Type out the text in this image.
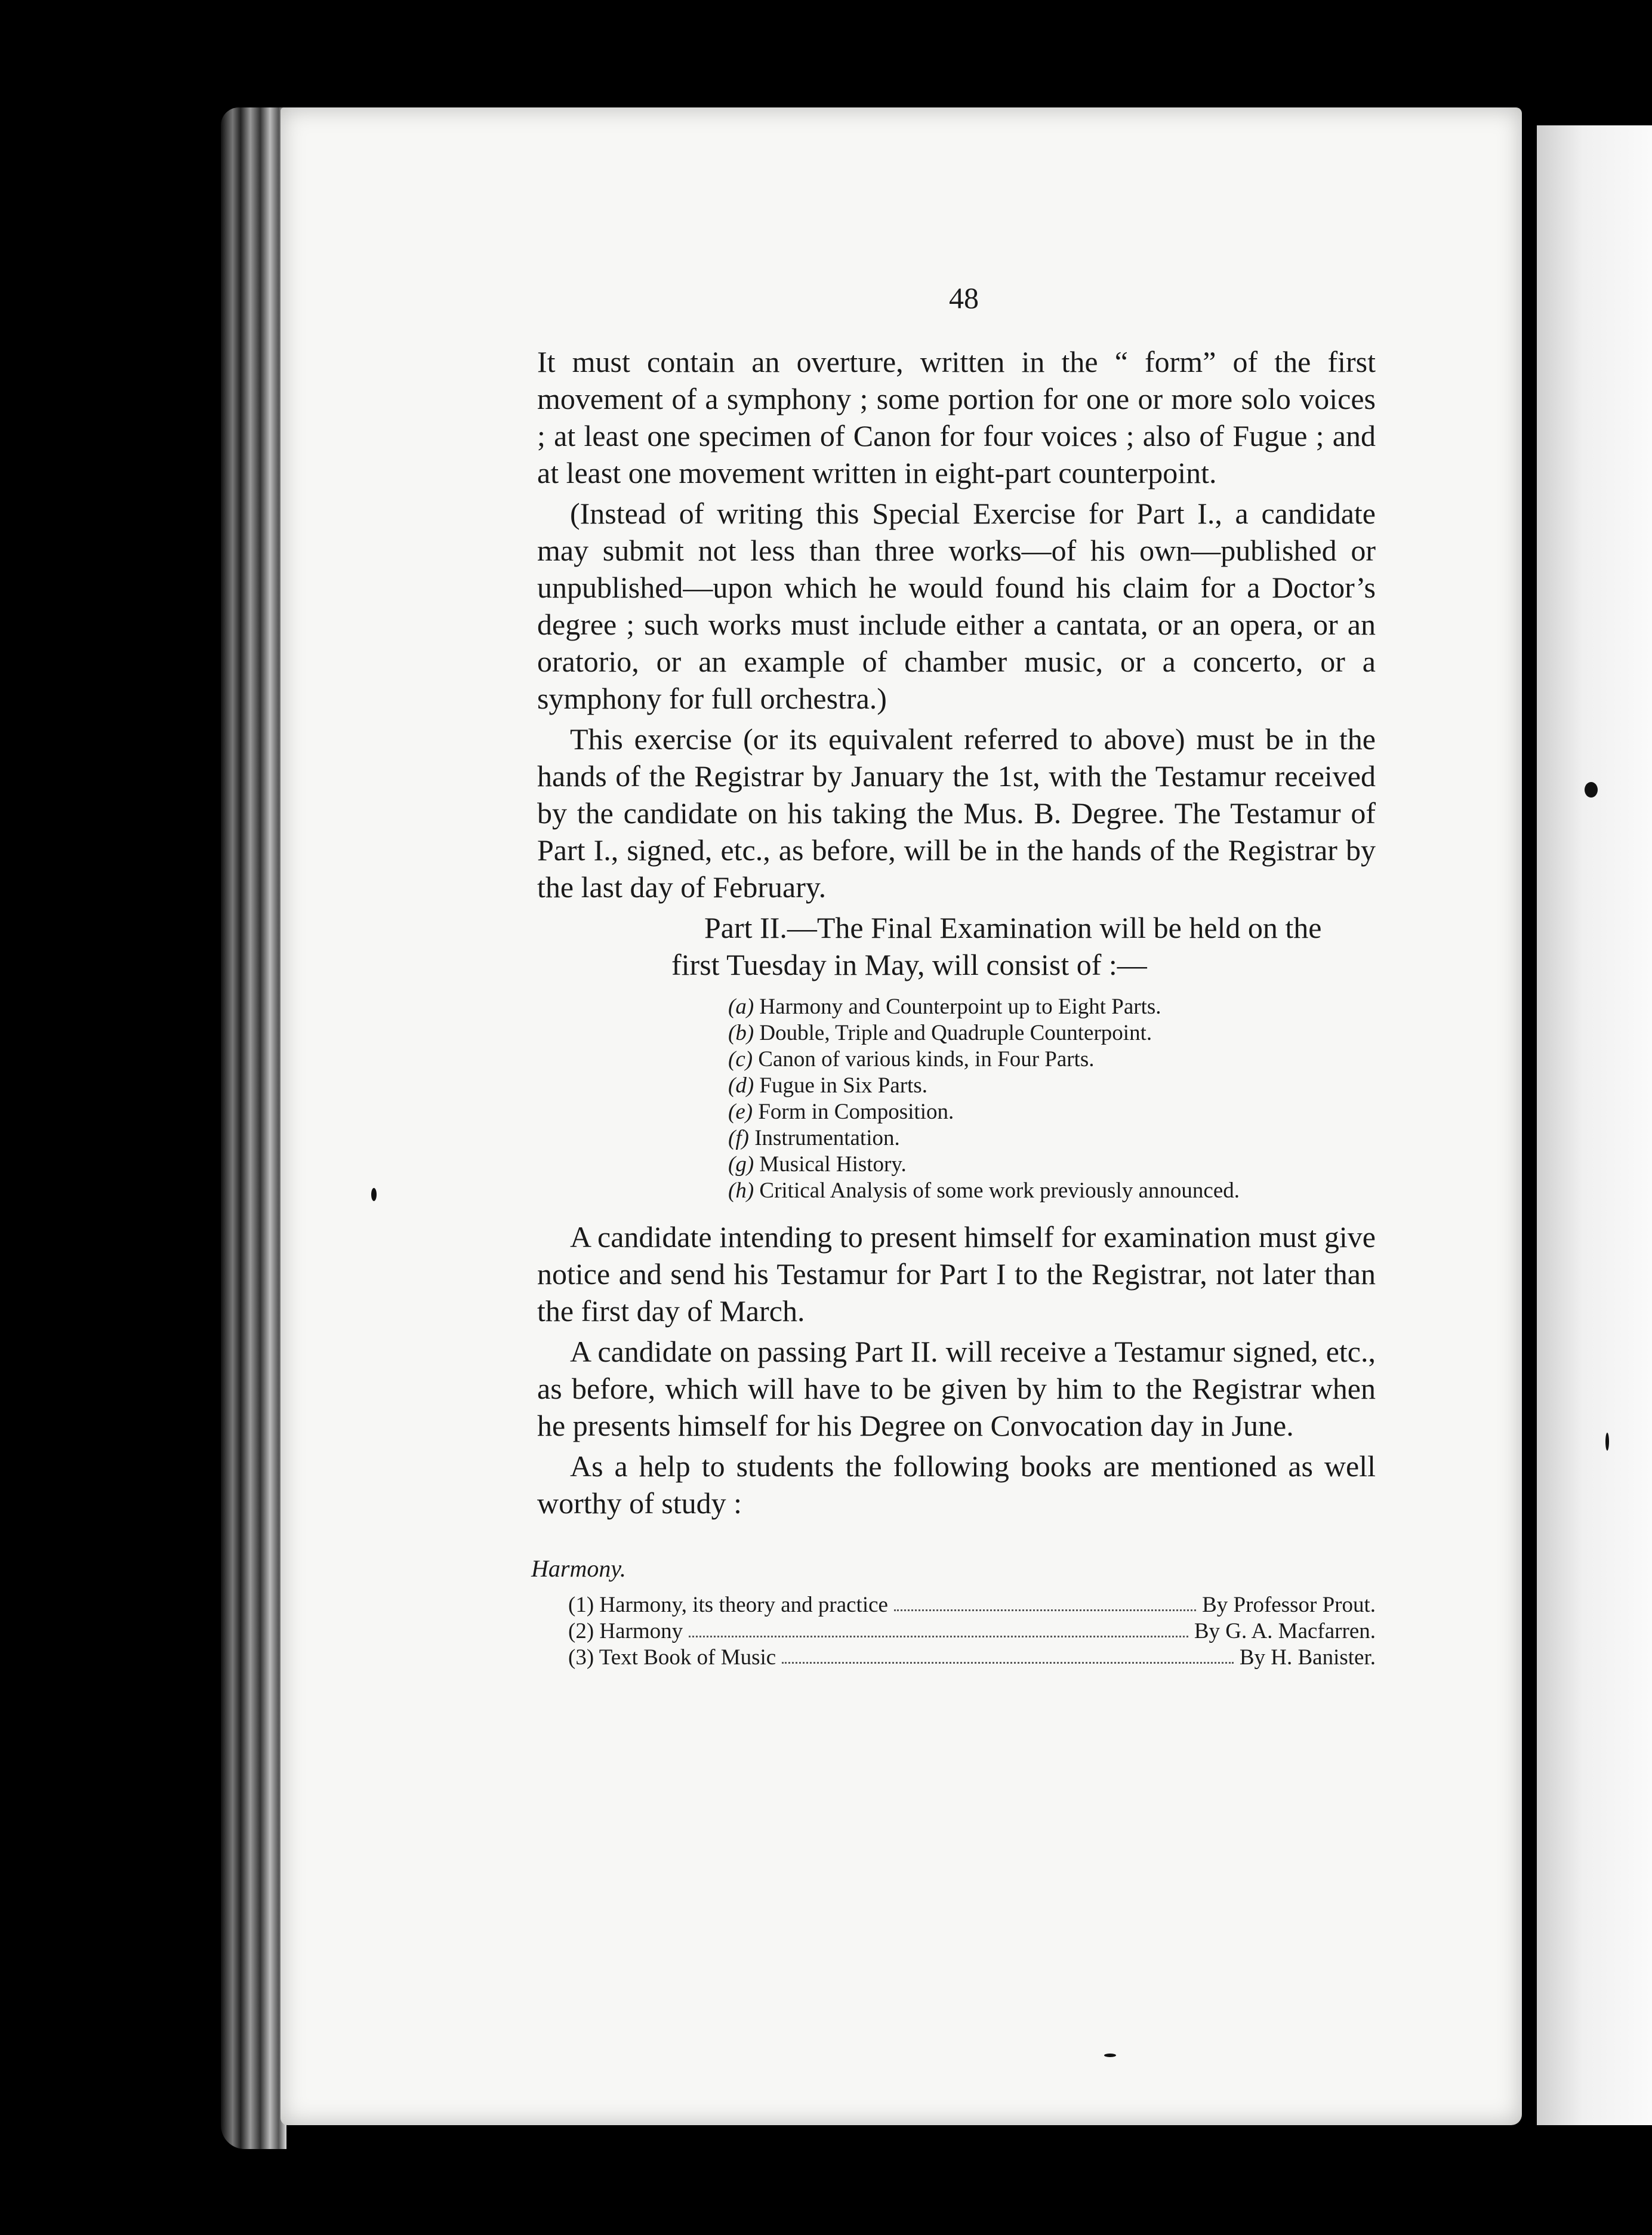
48

It must contain an overture, written in the “ form” of the first movement of a symphony ; some portion for one or more solo voices ; at least one specimen of Canon for four voices ; also of Fugue ; and at least one movement written in eight-part counterpoint.

(Instead of writing this Special Exercise for Part I., a candidate may submit not less than three works—of his own—published or unpublished—upon which he would found his claim for a Doctor’s degree ; such works must include either a cantata, or an opera, or an oratorio, or an example of chamber music, or a concerto, or a symphony for full orchestra.)

This exercise (or its equivalent referred to above) must be in the hands of the Registrar by January the 1st, with the Testamur received by the candidate on his taking the Mus. B. Degree. The Testamur of Part I., signed, etc., as before, will be in the hands of the Registrar by the last day of February.

Part II.—The Final Examination will be held on the first Tuesday in May, will consist of :—

(a) Harmony and Counterpoint up to Eight Parts.
(b) Double, Triple and Quadruple Counterpoint.
(c) Canon of various kinds, in Four Parts.
(d) Fugue in Six Parts.
(e) Form in Composition.
(f) Instrumentation.
(g) Musical History.
(h) Critical Analysis of some work previously announced.

A candidate intending to present himself for examination must give notice and send his Testamur for Part I to the Registrar, not later than the first day of March.

A candidate on passing Part II. will receive a Testamur signed, etc., as before, which will have to be given by him to the Registrar when he presents himself for his Degree on Convocation day in June.

As a help to students the following books are mentioned as well worthy of study :

Harmony.
(1) Harmony, its theory and practice	By Professor Prout.
(2) Harmony	By G. A. Macfarren.
(3) Text Book of Music	By H. Banister.
